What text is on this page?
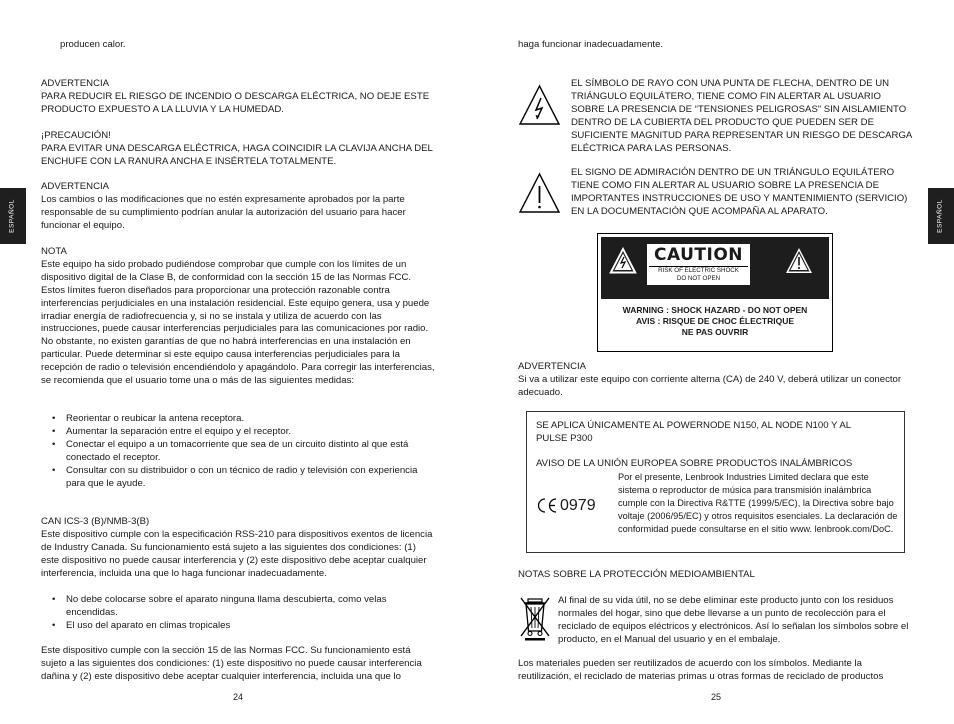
ESPAÑOL	ESPAÑOL

producen calor.

ADVERTENCIA

PARA REDUCIR EL RIESGO DE INCENDIO O DESCARGA ELÉCTRICA, NO DEJE ESTE PRODUCTO EXPUESTO A LA LLUVIA Y LA HUMEDAD.

¡PRECAUCIÓN!

PARA EVITAR UNA DESCARGA ELÉCTRICA, HAGA COINCIDIR LA CLAVIJA ANCHA DEL ENCHUFE CON LA RANURA ANCHA E INSÉRTELA TOTALMENTE.

ADVERTENCIA

Los cambios o las modificaciones que no estén expresamente aprobados por la parte responsable de su cumplimiento podrían anular la autorización del usuario para hacer funcionar el equipo.

NOTA

Este equipo ha sido probado pudiéndose comprobar que cumple con los límites de un dispositivo digital de la Clase B, de conformidad con la sección 15 de las Normas FCC. Estos límites fueron diseñados para proporcionar una protección razonable contra interferencias perjudiciales en una instalación residencial. Este equipo genera, usa y puede irradiar energía de radiofrecuencia y, si no se instala y utiliza de acuerdo con las instrucciones, puede causar interferencias perjudiciales para las comunicaciones por radio. No obstante, no existen garantías de que no habrá interferencias en una instalación en particular. Puede determinar si este equipo causa interferencias perjudiciales para la recepción de radio o televisión encendiéndolo y apagándolo. Para corregir las interferencias, se recomienda que el usuario tome una o más de las siguientes medidas:

• Reorientar o reubicar la antena receptora.
• Aumentar la separación entre el equipo y el receptor.
• Conectar el equipo a un tomacorriente que sea de un circuito distinto al que está conectado el receptor.
• Consultar con su distribuidor o con un técnico de radio y televisión con experiencia para que le ayude.
CAN ICS-3 (B)/NMB-3(B)

Este dispositivo cumple con la especificación RSS-210 para dispositivos exentos de licencia de Industry Canada. Su funcionamiento está sujeto a las siguientes dos condiciones: (1) este dispositivo no puede causar interferencia y (2) este dispositivo debe aceptar cualquier interferencia, incluida una que lo haga funcionar inadecuadamente.

• No debe colocarse sobre el aparato ninguna llama descubierta, como velas encendidas.
• El uso del aparato en climas tropicales

Este dispositivo cumple con la sección 15 de las Normas FCC. Su funcionamiento está sujeto a las siguientes dos condiciones: (1) este dispositivo no puede causar interferencia dañina y (2) este dispositivo debe aceptar cualquier interferencia, incluida una que lo

24

haga funcionar inadecuadamente.

EL SÍMBOLO DE RAYO CON UNA PUNTA DE FLECHA, DENTRO DE UN TRIÁNGULO EQUILÁTERO, TIENE COMO FIN ALERTAR AL USUARIO SOBRE LA PRESENCIA DE “TENSIONES PELIGROSAS” SIN AISLAMIENTO DENTRO DE LA CUBIERTA DEL PRODUCTO QUE PUEDEN SER DE SUFICIENTE MAGNITUD PARA REPRESENTAR UN RIESGO DE DESCARGA ELÉCTRICA PARA LAS PERSONAS.

EL SIGNO DE ADMIRACIÓN DENTRO DE UN TRIÁNGULO EQUILÁTERO TIENE COMO FIN ALERTAR AL USUARIO SOBRE LA PRESENCIA DE IMPORTANTES INSTRUCCIONES DE USO Y MANTENIMIENTO (SERVICIO) EN LA DOCUMENTACIÓN QUE ACOMPAÑA AL APARATO.

CAUTION
RISK OF ELECTRIC SHOCK
DO NOT OPEN
WARNING : SHOCK HAZARD - DO NOT OPEN
AVIS : RISQUE DE CHOC ÉLECTRIQUE
NE PAS OUVRIR
ADVERTENCIA

Si va a utilizar este equipo con corriente alterna (CA) de 240 V, deberá utilizar un conector adecuado.

SE APLICA ÚNICAMENTE AL POWERNODE N150, AL NODE N100 Y AL PULSE P300

AVISO DE LA UNIÓN EUROPEA SOBRE PRODUCTOS INALÁMBRICOS

Por el presente, Lenbrook Industries Limited declara que este sistema o reproductor de música para transmisión inalámbrica cumple con la Directiva R&TTE (1999/5/EC), la Directiva sobre bajo voltaje (2006/95/EC) y otros requisitos esenciales. La declaración de conformidad puede consultarse en el sitio www. lenbrook.com/DoC.

0979
NOTAS SOBRE LA PROTECCIÓN MEDIOAMBIENTAL

Al final de su vida útil, no se debe eliminar este producto junto con los residuos normales del hogar, sino que debe llevarse a un punto de recolección para el reciclado de equipos eléctricos y electrónicos. Así lo señalan los símbolos sobre el producto, en el Manual del usuario y en el embalaje.

Los materiales pueden ser reutilizados de acuerdo con los símbolos. Mediante la reutilización, el reciclado de materias primas u otras formas de reciclado de productos

25
